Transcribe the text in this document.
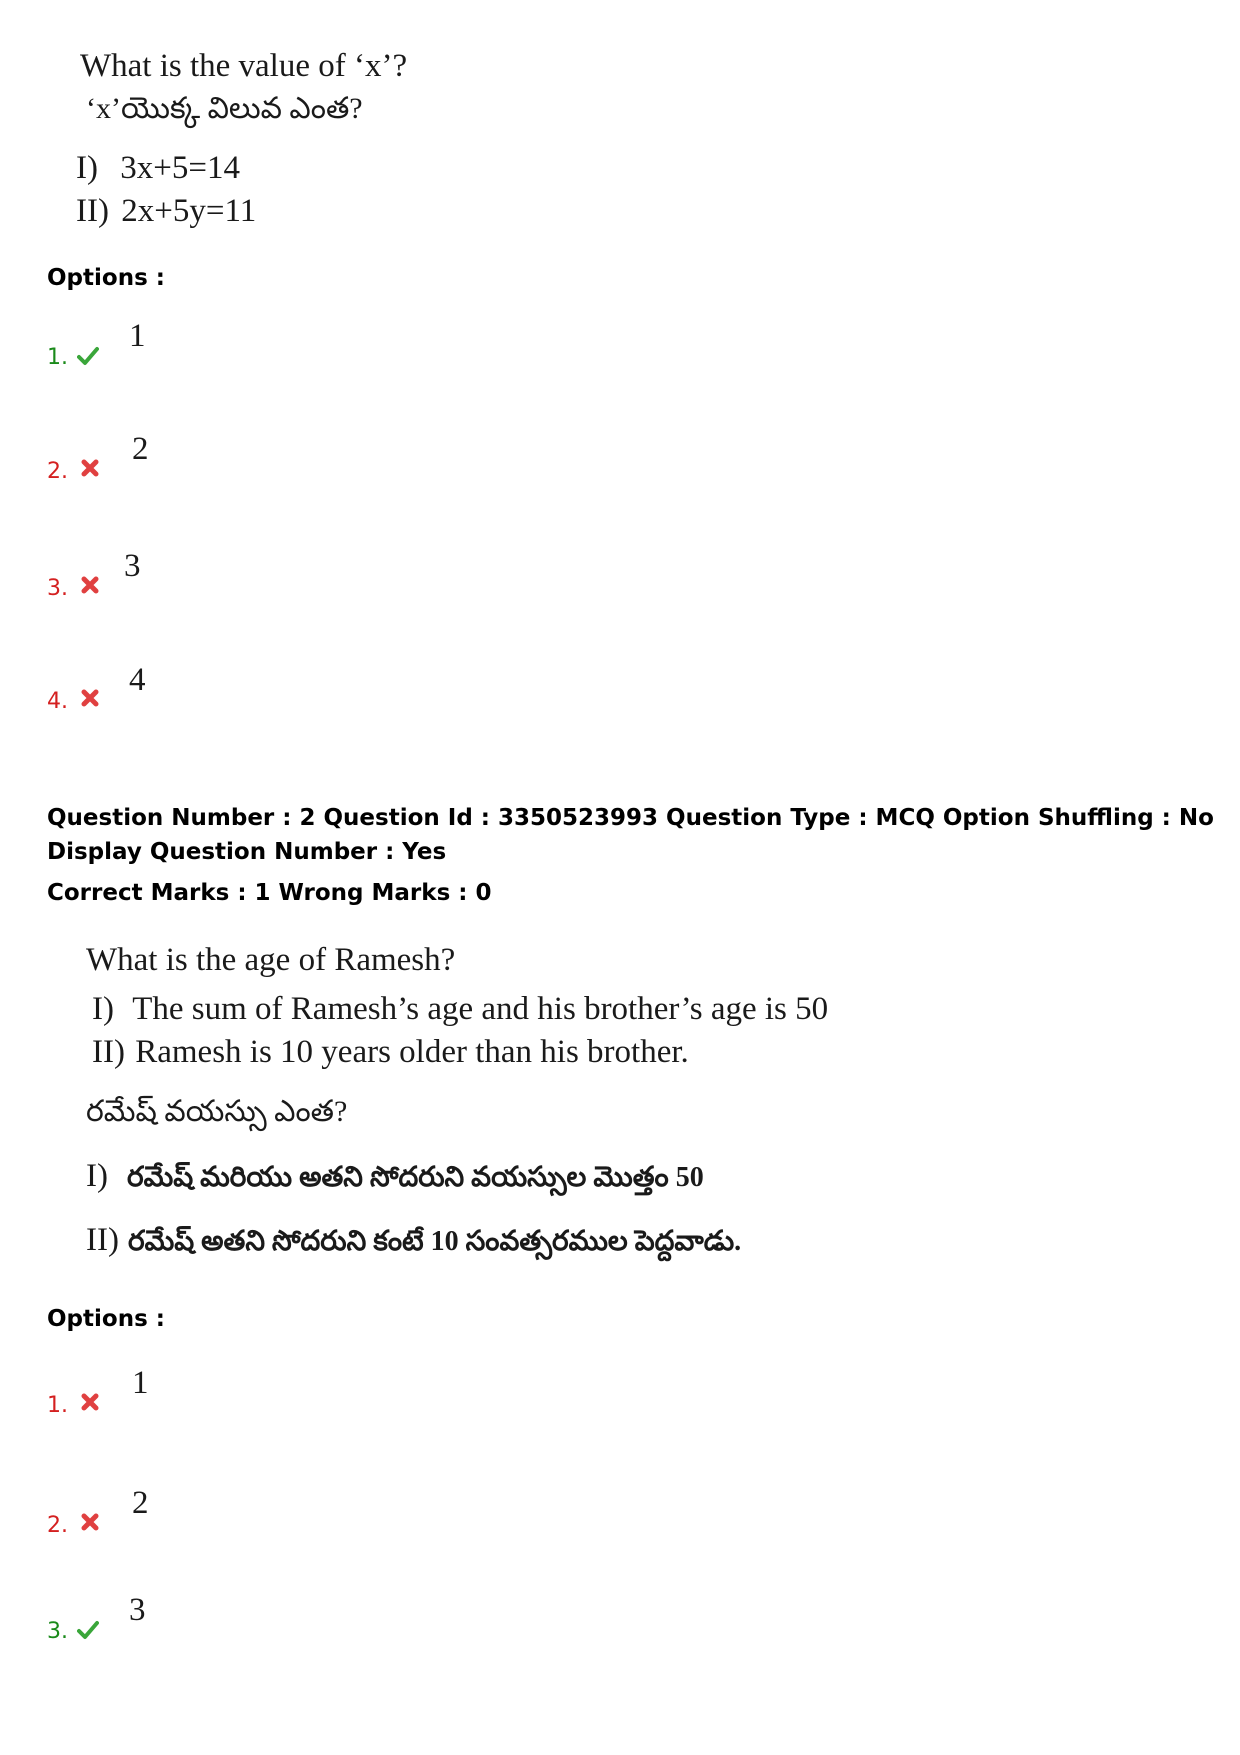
What is the value of ‘x’?
‘x’యొక్క విలువ ఎంత?
I) 3x+5=14
II) 2x+5y=11
Options :
1.
1
2.
2
3.
3
4.
4
Question Number : 2 Question Id : 3350523993 Question Type : MCQ Option Shuffling : No
Display Question Number : Yes
Correct Marks : 1 Wrong Marks : 0
What is the age of Ramesh?
I) The sum of Ramesh’s age and his brother’s age is 50
II) Ramesh is 10 years older than his brother.
రమేష్ వయస్సు ఎంత?
I) రమేష్ మరియు అతని సోదరుని వయస్సుల మొత్తం 50
II) రమేష్ అతని సోదరుని కంటే 10 సంవత్సరముల పెద్దవాడు.
Options :
1.
1
2.
2
3.
3
